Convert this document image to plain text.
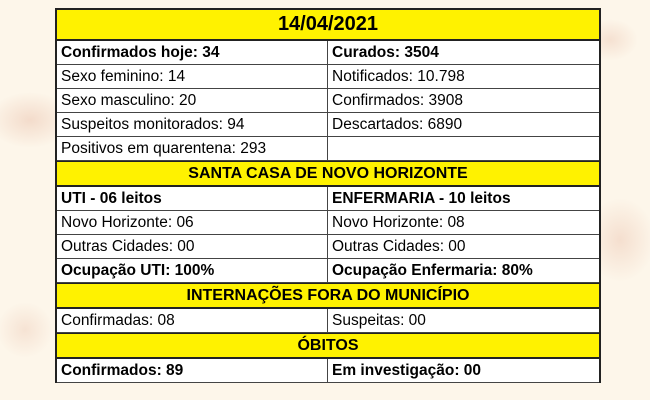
14/04/2021
Confirmados hoje: 34	Curados: 3504
Sexo feminino: 14	Notificados: 10.798
Sexo masculino: 20	Confirmados: 3908
Suspeitos monitorados: 94	Descartados: 6890
Positivos em quarentena: 293
SANTA CASA DE NOVO HORIZONTE
UTI - 06 leitos	ENFERMARIA - 10 leitos
Novo Horizonte: 06	Novo Horizonte: 08
Outras Cidades: 00	Outras Cidades: 00
Ocupação UTI: 100%	Ocupação Enfermaria: 80%
INTERNAÇÕES FORA DO MUNICÍPIO
Confirmadas: 08	Suspeitas: 00
ÓBITOS
Confirmados: 89	Em investigação: 00
